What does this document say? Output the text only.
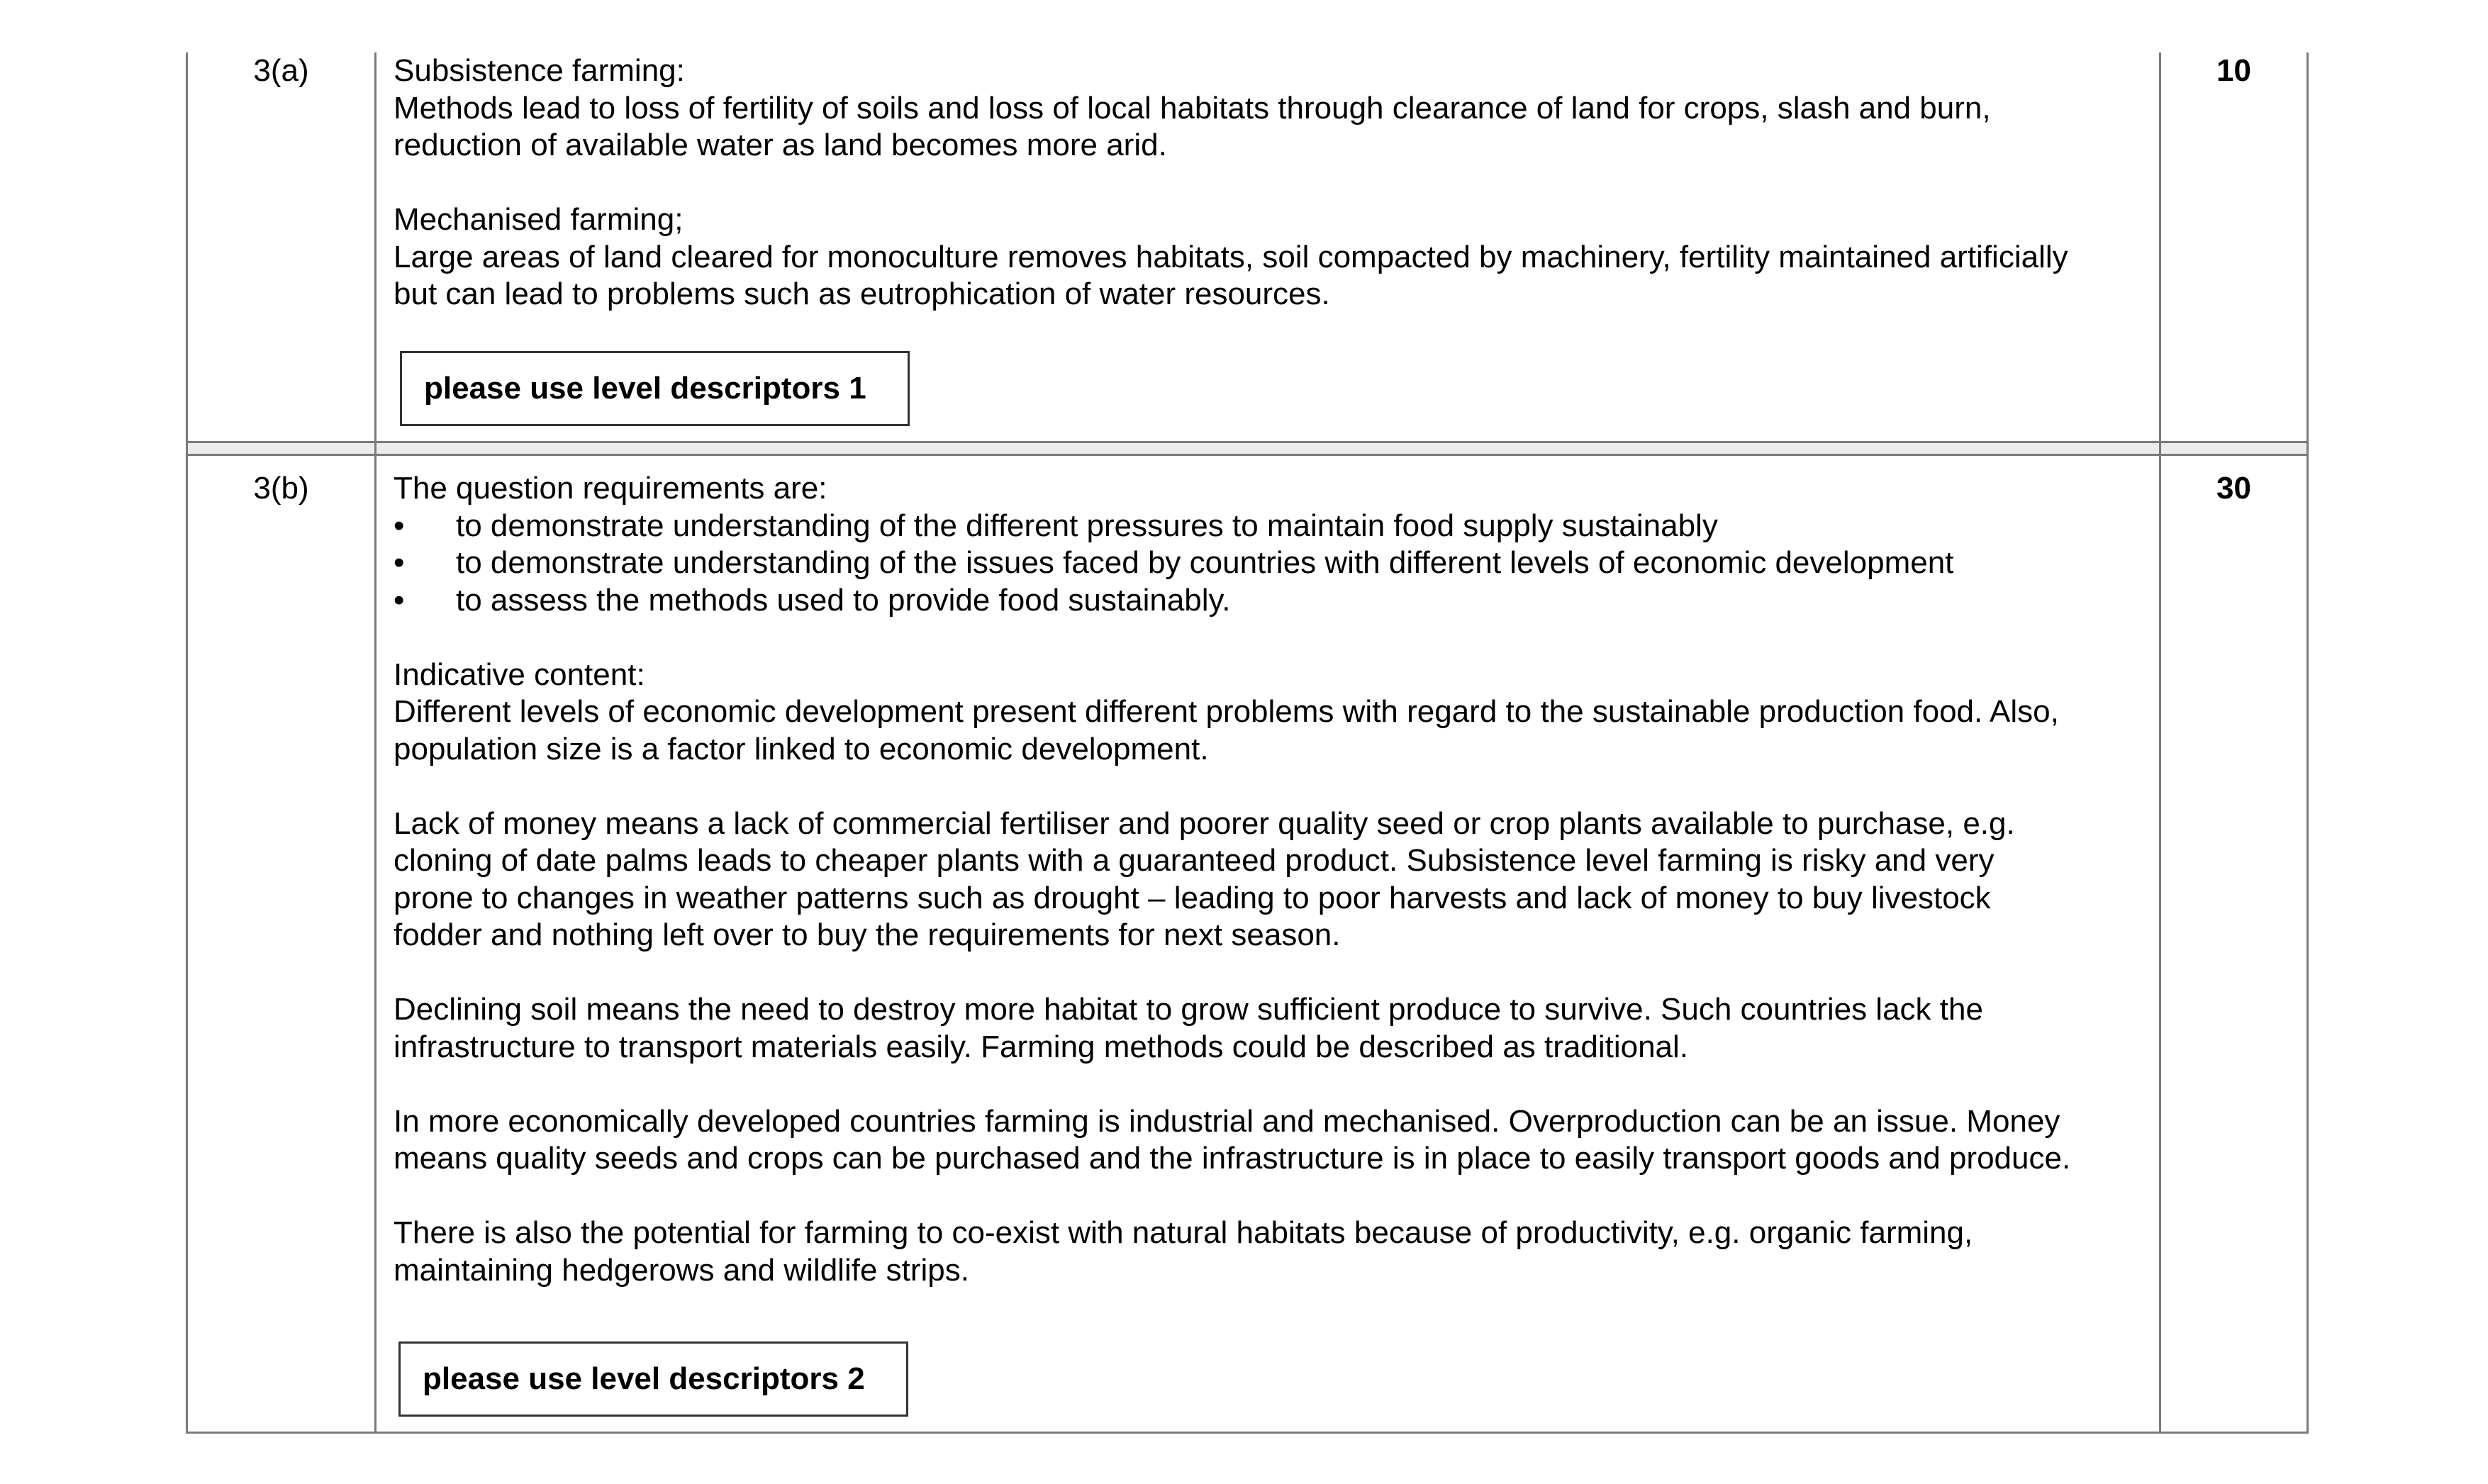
3(a)	Subsistence farming:
Methods lead to loss of fertility of soils and loss of local habitats through clearance of land for crops, slash and burn,
reduction of available water as land becomes more arid.

Mechanised farming;
Large areas of land cleared for monoculture removes habitats, soil compacted by machinery, fertility maintained artificially
but can lead to problems such as eutrophication of water resources.

please use level descriptors 1
10
3(b)	The question requirements are:

• to demonstrate understanding of the different pressures to maintain food supply sustainably
• to demonstrate understanding of the issues faced by countries with different levels of economic development
• to assess the methods used to provide food sustainably.

Indicative content:
Different levels of economic development present different problems with regard to the sustainable production food. Also,
population size is a factor linked to economic development.

Lack of money means a lack of commercial fertiliser and poorer quality seed or crop plants available to purchase, e.g.
cloning of date palms leads to cheaper plants with a guaranteed product. Subsistence level farming is risky and very
prone to changes in weather patterns such as drought – leading to poor harvests and lack of money to buy livestock
fodder and nothing left over to buy the requirements for next season.

Declining soil means the need to destroy more habitat to grow sufficient produce to survive. Such countries lack the
infrastructure to transport materials easily. Farming methods could be described as traditional.

In more economically developed countries farming is industrial and mechanised. Overproduction can be an issue. Money
means quality seeds and crops can be purchased and the infrastructure is in place to easily transport goods and produce.

There is also the potential for farming to co-exist with natural habitats because of productivity, e.g. organic farming,
maintaining hedgerows and wildlife strips.

please use level descriptors 2
30
